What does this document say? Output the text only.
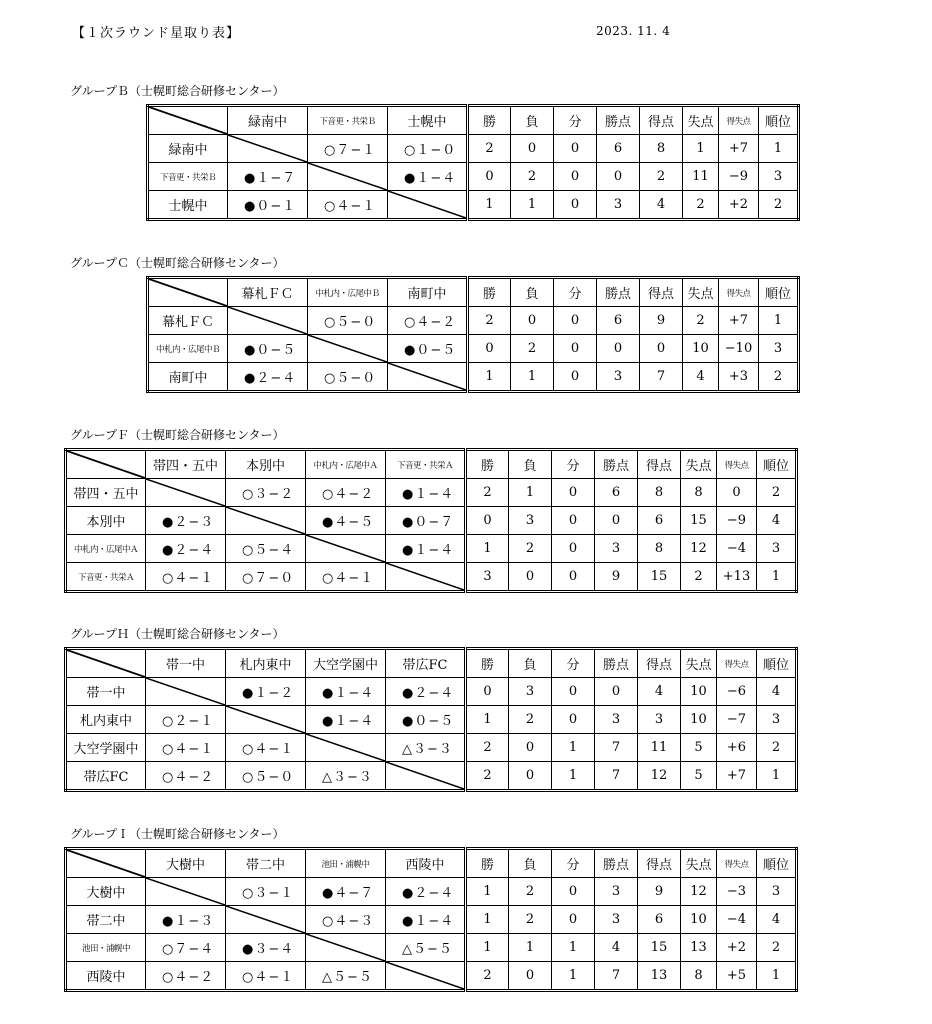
【１次ラウンド星取り表】	2023. 11. 4
グループＢ（士幌町総合研修センター）
	緑南中	下音更・共栄Ｂ	士幌中	勝	負	分	勝点	得点	失点	得失点	順位
緑南中		○７−１	○１−０	2	0	0	6	8	1	+7	1
下音更・共栄Ｂ	●１−７		●１−４	0	2	0	0	2	11	−9	3
士幌中	●０−１	○４−１		1	1	0	3	4	2	+2	2
グループＣ（士幌町総合研修センター）
	幕札ＦＣ	中札内・広尾中Ｂ	南町中	勝	負	分	勝点	得点	失点	得失点	順位
幕札ＦＣ		○５−０	○４−２	2	0	0	6	9	2	+7	1
中札内・広尾中Ｂ	●０−５		●０−５	0	2	0	0	0	10	−10	3
南町中	●２−４	○５−０		1	1	0	3	7	4	+3	2
グループＦ（士幌町総合研修センター）
	帯四・五中	本別中	中札内・広尾中Ａ	下音更・共栄Ａ	勝	負	分	勝点	得点	失点	得失点	順位
帯四・五中		○３−２	○４−２	●１−４	2	1	0	6	8	8	0	2
本別中	●２−３		●４−５	●０−７	0	3	0	0	6	15	−9	4
中札内・広尾中Ａ	●２−４	○５−４		●１−４	1	2	0	3	8	12	−4	3
下音更・共栄Ａ	○４−１	○７−０	○４−１		3	0	0	9	15	2	+13	1
グループＨ（士幌町総合研修センター）
	帯一中	札内東中	大空学園中	帯広FC	勝	負	分	勝点	得点	失点	得失点	順位
帯一中		●１−２	●１−４	●２−４	0	3	0	0	4	10	−6	4
札内東中	○２−１		●１−４	●０−５	1	2	0	3	3	10	−7	3
大空学園中	○４−１	○４−１		△３−３	2	0	1	7	11	5	+6	2
帯広FC	○４−２	○５−０	△３−３		2	0	1	7	12	5	+7	1
グループＩ（士幌町総合研修センター）
	大樹中	帯二中	池田・浦幌中	西陵中	勝	負	分	勝点	得点	失点	得失点	順位
大樹中		○３−１	●４−７	●２−４	1	2	0	3	9	12	−3	3
帯二中	●１−３		○４−３	●１−４	1	2	0	3	6	10	−4	4
池田・浦幌中	○７−４	●３−４		△５−５	1	1	1	4	15	13	+2	2
西陵中	○４−２	○４−１	△５−５		2	0	1	7	13	8	+5	1
